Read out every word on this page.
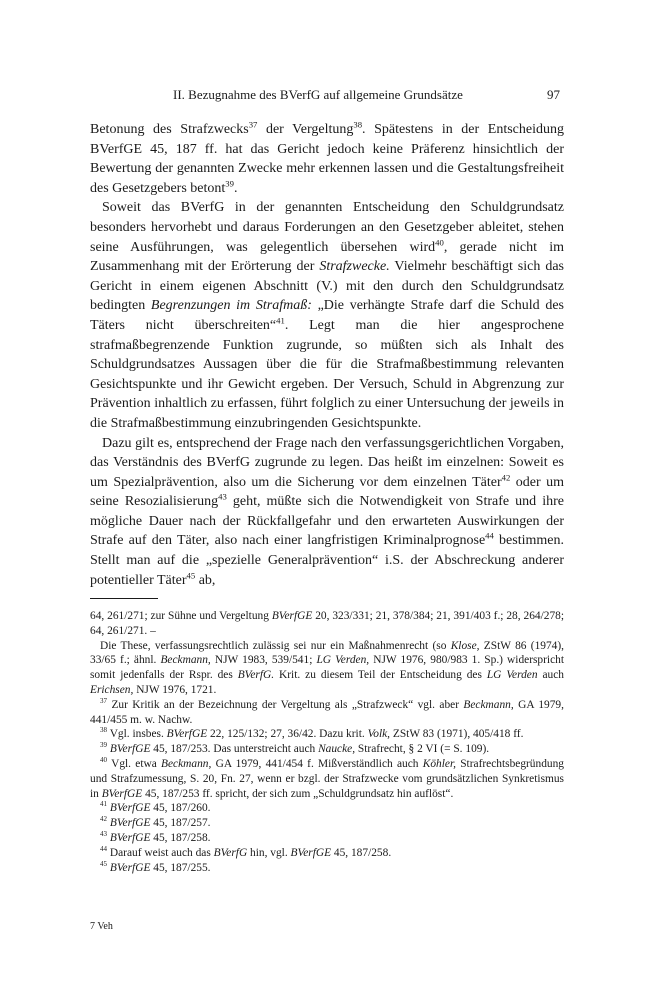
II. Bezugnahme des BVerfG auf allgemeine Grundsätze	97

Betonung des Strafzwecks$^{37}$ der Vergeltung$^{38}$. Spätestens in der Entscheidung BVerfGE 45, 187 ff. hat das Gericht jedoch keine Präferenz hinsichtlich der Bewertung der genannten Zwecke mehr erkennen lassen und die Gestaltungsfreiheit des Gesetzgebers betont$^{39}$.

Soweit das BVerfG in der genannten Entscheidung den Schuldgrundsatz besonders hervorhebt und daraus Forderungen an den Gesetzgeber ableitet, stehen seine Ausführungen, was gelegentlich übersehen wird$^{40}$, gerade nicht im Zusammenhang mit der Erörterung der Strafzwecke. Vielmehr beschäftigt sich das Gericht in einem eigenen Abschnitt (V.) mit den durch den Schuldgrundsatz bedingten Begrenzungen im Strafmaß: „Die verhängte Strafe darf die Schuld des Täters nicht überschreiten“$^{41}$. Legt man die hier angesprochene strafmaßbegrenzende Funktion zugrunde, so müßten sich als Inhalt des Schuldgrundsatzes Aussagen über die für die Strafmaßbestimmung relevanten Gesichtspunkte und ihr Gewicht ergeben. Der Versuch, Schuld in Abgrenzung zur Prävention inhaltlich zu erfassen, führt folglich zu einer Untersuchung der jeweils in die Strafmaßbestimmung einzubringenden Gesichtspunkte.

Dazu gilt es, entsprechend der Frage nach den verfassungsgerichtlichen Vorgaben, das Verständnis des BVerfG zugrunde zu legen. Das heißt im einzelnen: Soweit es um Spezialprävention, also um die Sicherung vor dem einzelnen Täter$^{42}$ oder um seine Resozialisierung$^{43}$ geht, müßte sich die Notwendigkeit von Strafe und ihre mögliche Dauer nach der Rückfallgefahr und den erwarteten Auswirkungen der Strafe auf den Täter, also nach einer langfristigen Kriminalprognose$^{44}$ bestimmen. Stellt man auf die „spezielle Generalprävention“ i.S. der Abschreckung anderer potentieller Täter$^{45}$ ab,

64, 261/271; zur Sühne und Vergeltung BVerfGE 20, 323/331; 21, 378/384; 21, 391/403 f.; 28, 264/278; 64, 261/271. –
Die These, verfassungsrechtlich zulässig sei nur ein Maßnahmenrecht (so Klose, ZStW 86 (1974), 33/65 f.; ähnl. Beckmann, NJW 1983, 539/541; LG Verden, NJW 1976, 980/983 1. Sp.) widerspricht somit jedenfalls der Rspr. des BVerfG. Krit. zu diesem Teil der Entscheidung des LG Verden auch Erichsen, NJW 1976, 1721.
$^{37}$ Zur Kritik an der Bezeichnung der Vergeltung als „Strafzweck“ vgl. aber Beckmann, GA 1979, 441/455 m. w. Nachw.
$^{38}$ Vgl. insbes. BVerfGE 22, 125/132; 27, 36/42. Dazu krit. Volk, ZStW 83 (1971), 405/418 ff.
$^{39}$ BVerfGE 45, 187/253. Das unterstreicht auch Naucke, Strafrecht, § 2 VI (= S. 109).
$^{40}$ Vgl. etwa Beckmann, GA 1979, 441/454 f. Mißverständlich auch Köhler, Strafrechtsbegründung und Strafzumessung, S. 20, Fn. 27, wenn er bzgl. der Strafzwecke vom grundsätzlichen Synkretismus in BVerfGE 45, 187/253 ff. spricht, der sich zum „Schuldgrundsatz hin auflöst“.
$^{41}$ BVerfGE 45, 187/260.
$^{42}$ BVerfGE 45, 187/257.
$^{43}$ BVerfGE 45, 187/258.
$^{44}$ Darauf weist auch das BVerfG hin, vgl. BVerfGE 45, 187/258.
$^{45}$ BVerfGE 45, 187/255.
7 Veh
